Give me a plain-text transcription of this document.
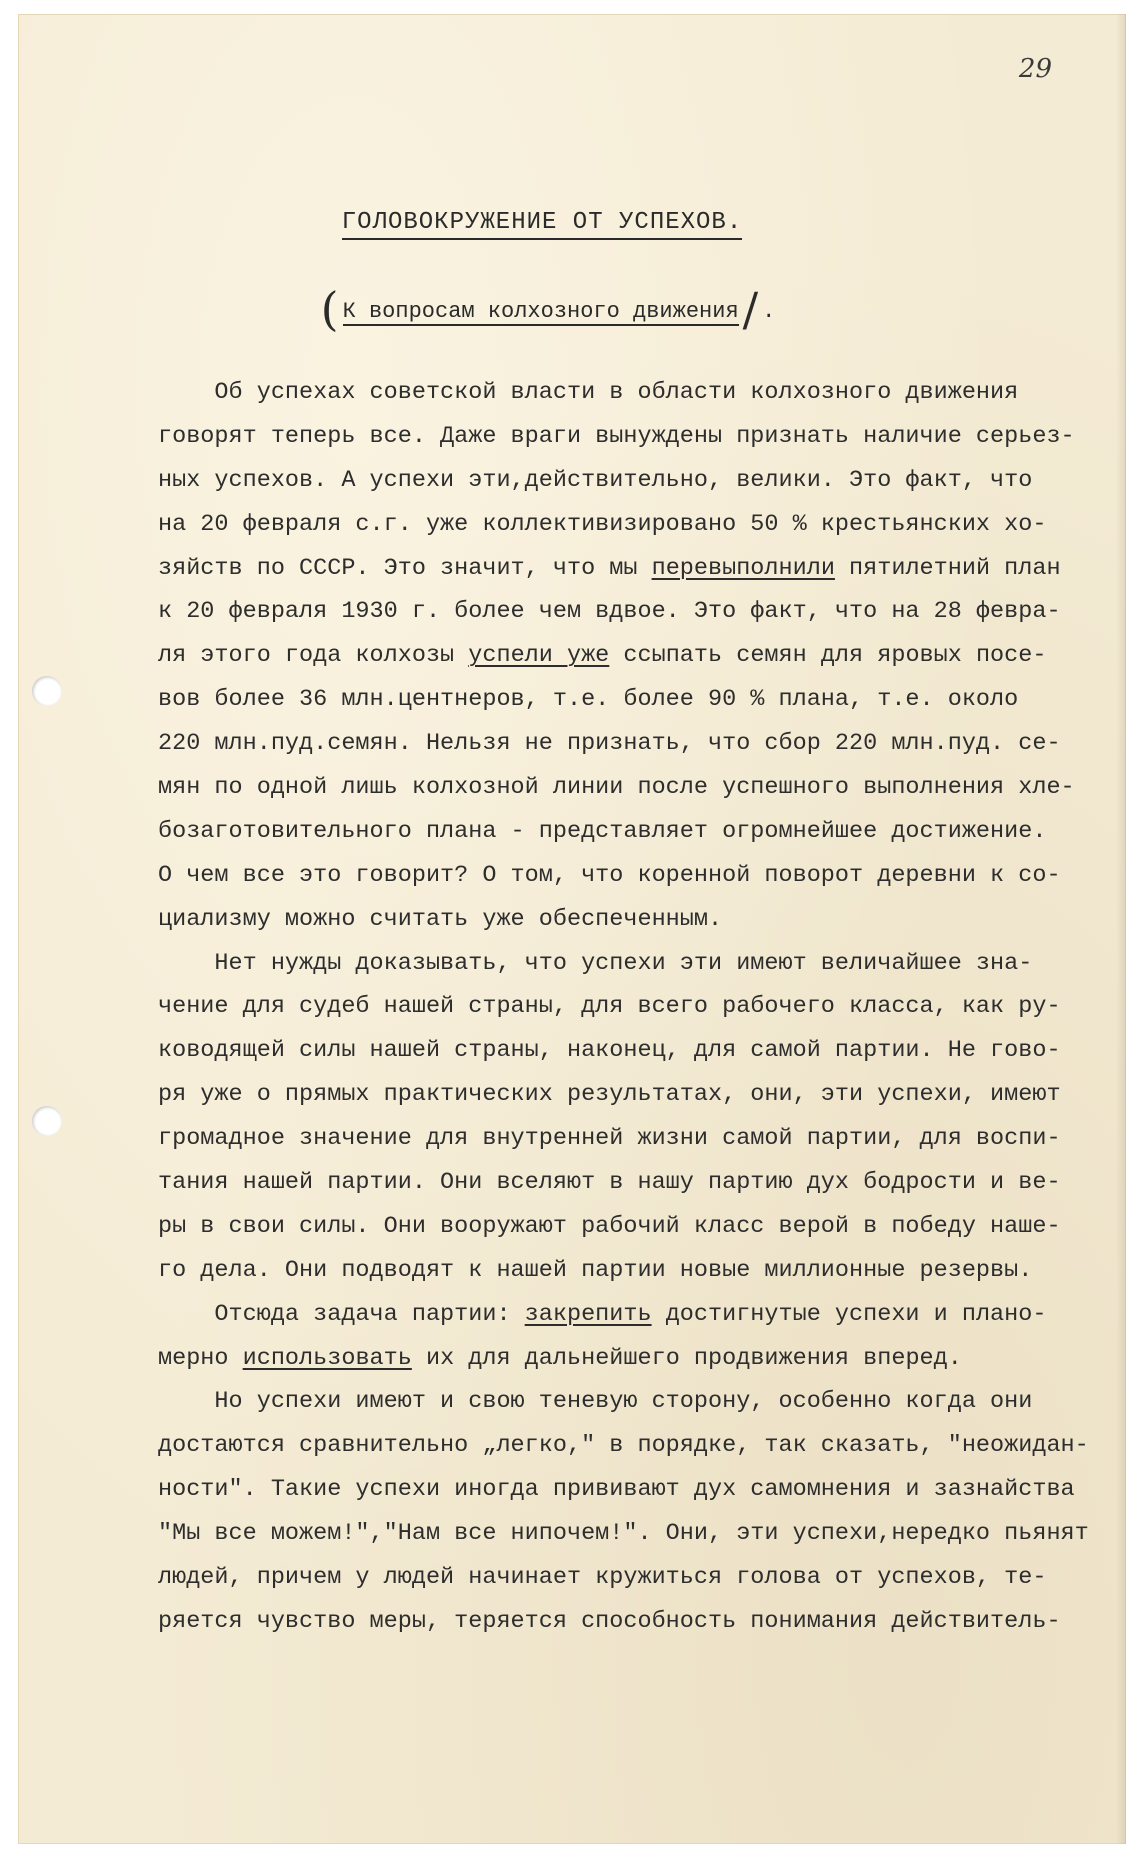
29
ГОЛОВОКРУЖЕНИЕ ОТ УСПЕХОВ.
( К вопросам колхозного движения/ .
Об успехах советской власти в области колхозного движения
говорят теперь все. Даже враги вынуждены признать наличие серьез-
ных успехов. А успехи эти,действительно, велики. Это факт, что
на 20 февраля с.г. уже коллективизировано 50 % крестьянских хо-
зяйств по СССР. Это значит, что мы перевыполнили пятилетний план
к 20 февраля 1930 г. более чем вдвое. Это факт, что на 28 февра-
ля этого года колхозы успели уже ссыпать семян для яровых посе-
вов более 36 млн.центнеров, т.е. более 90 % плана, т.е. около
220 млн.пуд.семян. Нельзя не признать, что сбор 220 млн.пуд. се-
мян по одной лишь колхозной линии после успешного выполнения хле-
бозаготовительного плана - представляет огромнейшее достижение.
О чем все это говорит? О том, что коренной поворот деревни к со-
циализму можно считать уже обеспеченным.
Нет нужды доказывать, что успехи эти имеют величайшее зна-
чение для судеб нашей страны, для всего рабочего класса, как ру-
ководящей силы нашей страны, наконец, для самой партии. Не гово-
ря уже о прямых практических результатах, они, эти успехи, имеют
громадное значение для внутренней жизни самой партии, для воспи-
тания нашей партии. Они вселяют в нашу партию дух бодрости и ве-
ры в свои силы. Они вооружают рабочий класс верой в победу наше-
го дела. Они подводят к нашей партии новые миллионные резервы.
Отсюда задача партии: закрепить достигнутые успехи и плано-
мерно использовать их для дальнейшего продвижения вперед.
Но успехи имеют и свою теневую сторону, особенно когда они
достаются сравнительно „легко," в порядке, так сказать, "неожидан-
ности". Такие успехи иногда прививают дух самомнения и зазнайства
"Мы все можем!","Нам все нипочем!". Они, эти успехи,нередко пьянят
людей, причем у людей начинает кружиться голова от успехов, те-
ряется чувство меры, теряется способность понимания действитель-
